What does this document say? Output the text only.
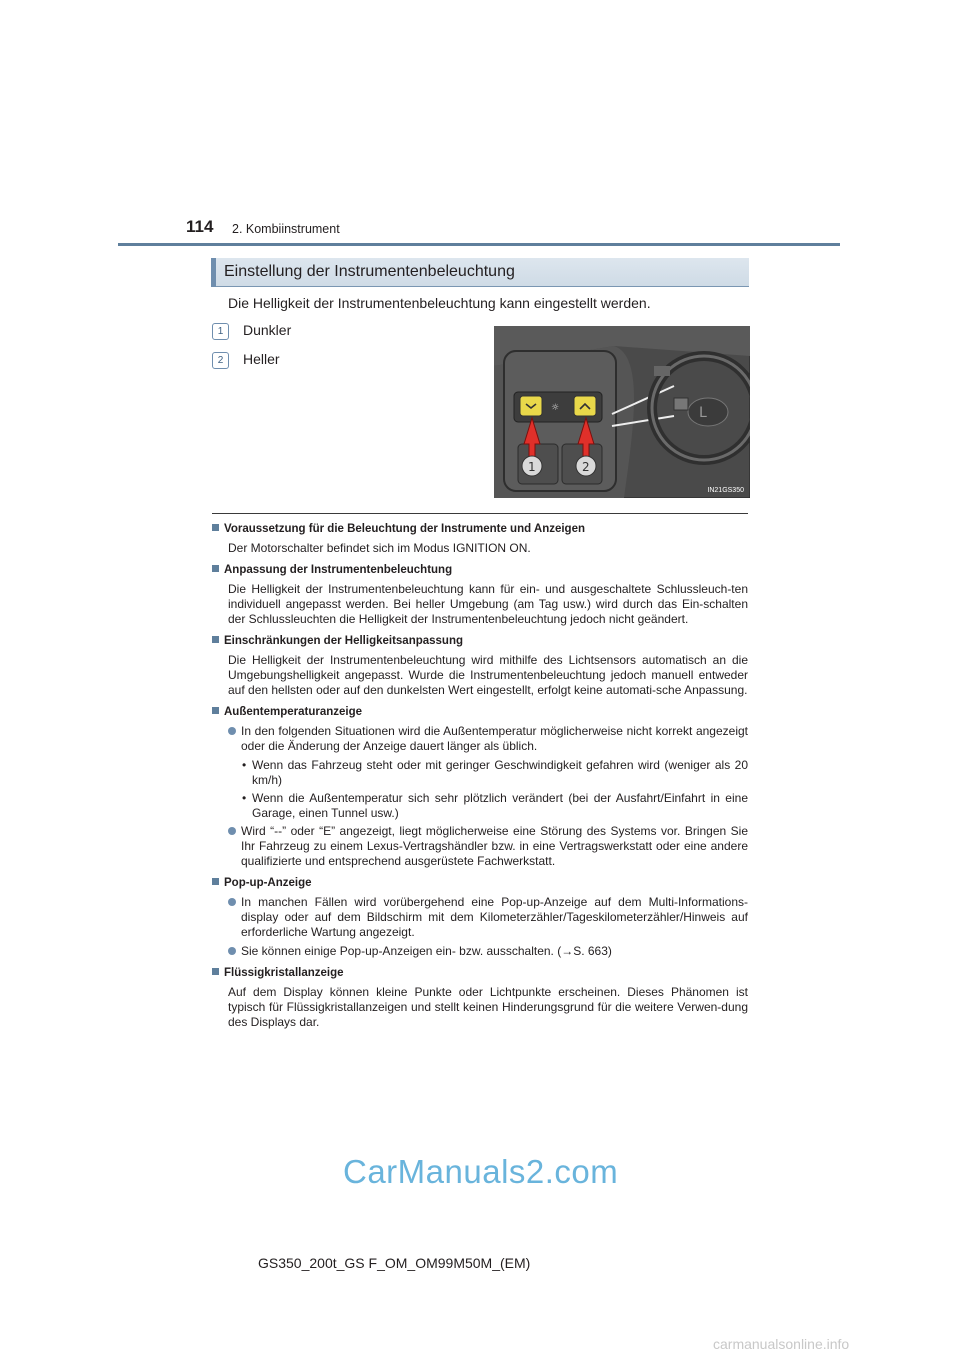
114 2. Kombiinstrument
Einstellung der Instrumentenbeleuchtung
Die Helligkeit der Instrumentenbeleuchtung kann eingestellt werden.
1 Dunkler
2 Heller
☼	L
1	2
IN21GS350
Voraussetzung für die Beleuchtung der Instrumente und Anzeigen
Der Motorschalter befindet sich im Modus IGNITION ON.
Anpassung der Instrumentenbeleuchtung
Die Helligkeit der Instrumentenbeleuchtung kann für ein- und ausgeschaltete Schlussleuch-ten individuell angepasst werden. Bei heller Umgebung (am Tag usw.) wird durch das Ein-schalten der Schlussleuchten die Helligkeit der Instrumentenbeleuchtung jedoch nicht geändert.
Einschränkungen der Helligkeitsanpassung
Die Helligkeit der Instrumentenbeleuchtung wird mithilfe des Lichtsensors automatisch an die Umgebungshelligkeit angepasst. Wurde die Instrumentenbeleuchtung jedoch manuell entweder auf den hellsten oder auf den dunkelsten Wert eingestellt, erfolgt keine automati-sche Anpassung.
Außentemperaturanzeige
In den folgenden Situationen wird die Außentemperatur möglicherweise nicht korrekt angezeigt oder die Änderung der Anzeige dauert länger als üblich.
• Wenn das Fahrzeug steht oder mit geringer Geschwindigkeit gefahren wird (weniger als 20 km/h)
• Wenn die Außentemperatur sich sehr plötzlich verändert (bei der Ausfahrt/Einfahrt in eine Garage, einen Tunnel usw.)
Wird “--” oder “E” angezeigt, liegt möglicherweise eine Störung des Systems vor. Bringen Sie Ihr Fahrzeug zu einem Lexus-Vertragshändler bzw. in eine Vertragswerkstatt oder eine andere qualifizierte und entsprechend ausgerüstete Fachwerkstatt.
Pop-up-Anzeige
In manchen Fällen wird vorübergehend eine Pop-up-Anzeige auf dem Multi-Informations-display oder auf dem Bildschirm mit dem Kilometerzähler/Tageskilometerzähler/Hinweis auf erforderliche Wartung angezeigt.
Sie können einige Pop-up-Anzeigen ein- bzw. ausschalten. (→S. 663)
Flüssigkristallanzeige
Auf dem Display können kleine Punkte oder Lichtpunkte erscheinen. Dieses Phänomen ist typisch für Flüssigkristallanzeigen und stellt keinen Hinderungsgrund für die weitere Verwen-dung des Displays dar.
CarManuals2.com
GS350_200t_GS F_OM_OM99M50M_(EM)
carmanualsonline.info
